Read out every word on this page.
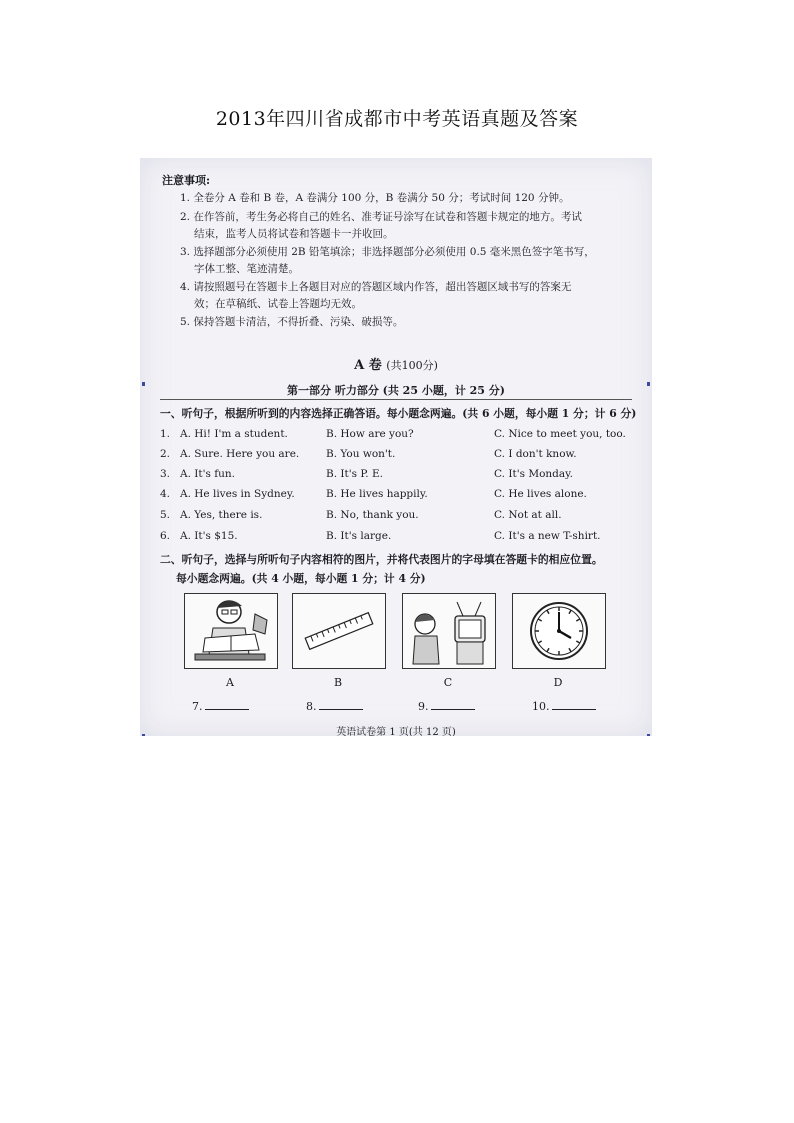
2013年四川省成都市中考英语真题及答案
注意事项:
1. 全卷分 A 卷和 B 卷，A 卷满分 100 分，B 卷满分 50 分；考试时间 120 分钟。
2. 在作答前，考生务必将自己的姓名、准考证号涂写在试卷和答题卡规定的地方。考试
结束，监考人员将试卷和答题卡一并收回。
3. 选择题部分必须使用 2B 铅笔填涂；非选择题部分必须使用 0.5 毫米黑色签字笔书写，
字体工整、笔迹清楚。
4. 请按照题号在答题卡上各题目对应的答题区域内作答，超出答题区域书写的答案无
效；在草稿纸、试卷上答题均无效。
5. 保持答题卡清洁，不得折叠、污染、破损等。
A 卷 (共100分)
第一部分 听力部分 (共 25 小题，计 25 分)
一、听句子，根据所听到的内容选择正确答语。每小题念两遍。(共 6 小题，每小题 1 分；计 6 分)
1. A. Hi! I'm a student.	B. How are you?	C. Nice to meet you, too.
2. A. Sure. Here you are.	B. You won't.	C. I don't know.
3. A. It's fun.	B. It's P. E.	C. It's Monday.
4. A. He lives in Sydney.	B. He lives happily.	C. He lives alone.
5. A. Yes, there is.	B. No, thank you.	C. Not at all.
6. A. It's $15.	B. It's large.	C. It's a new T-shirt.
二、听句子，选择与所听句子内容相符的图片，并将代表图片的字母填在答题卡的相应位置。
每小题念两遍。(共 4 小题，每小题 1 分；计 4 分)
A	B	C	D
7.	8.	9.	10.
英语试卷第 1 页(共 12 页)
